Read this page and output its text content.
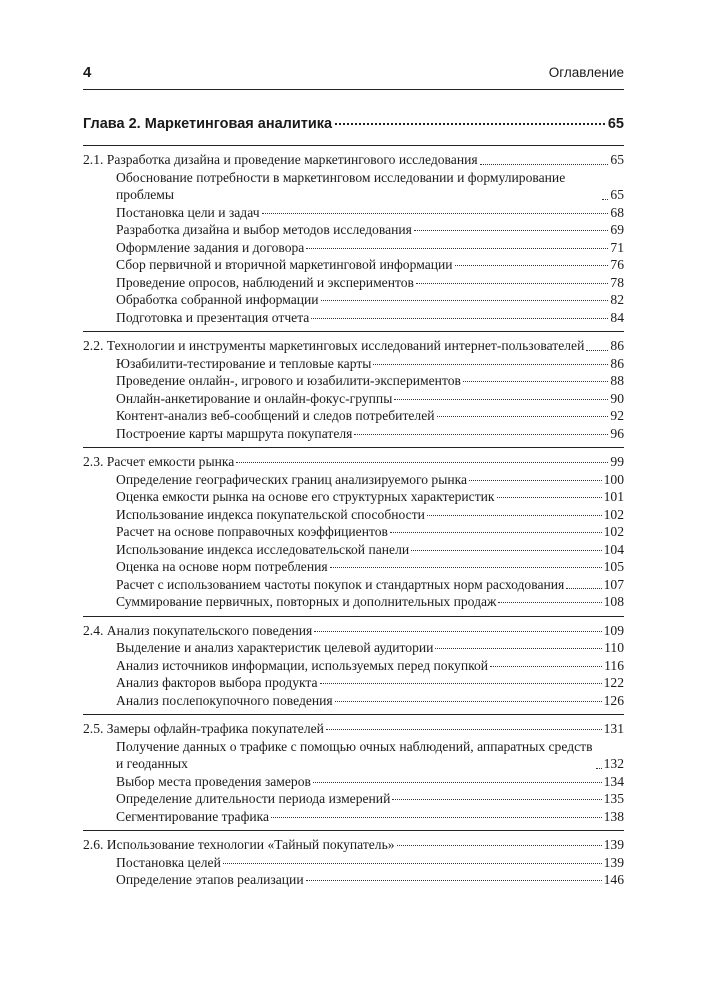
4	Оглавление
Глава 2. Маркетинговая аналитика	65
2.1. Разработка дизайна и проведение маркетингового исследования	65
Обоснование потребности в маркетинговом исследовании и формулирование проблемы	65
Постановка цели и задач	68
Разработка дизайна и выбор методов исследования	69
Оформление задания и договора	71
Сбор первичной и вторичной маркетинговой информации	76
Проведение опросов, наблюдений и экспериментов	78
Обработка собранной информации	82
Подготовка и презентация отчета	84
2.2. Технологии и инструменты маркетинговых исследований интернет-пользователей 86
Юзабилити-тестирование и тепловые карты	86
Проведение онлайн-, игрового и юзабилити-экспериментов	88
Онлайн-анкетирование и онлайн-фокус-группы	90
Контент-анализ веб-сообщений и следов потребителей	92
Построение карты маршрута покупателя	96
2.3. Расчет емкости рынка	99
Определение географических границ анализируемого рынка	100
Оценка емкости рынка на основе его структурных характеристик	101
Использование индекса покупательской способности	102
Расчет на основе поправочных коэффициентов	102
Использование индекса исследовательской панели	104
Оценка на основе норм потребления	105
Расчет с использованием частоты покупок и стандартных норм расходования	107
Суммирование первичных, повторных и дополнительных продаж	108
2.4. Анализ покупательского поведения	109
Выделение и анализ характеристик целевой аудитории	110
Анализ источников информации, используемых перед покупкой	116
Анализ факторов выбора продукта	122
Анализ послепокупочного поведения	126
2.5. Замеры офлайн-трафика покупателей	131
Получение данных о трафике с помощью очных наблюдений, аппаратных средств и геоданных	132
Выбор места проведения замеров	134
Определение длительности периода измерений	135
Сегментирование трафика	138
2.6. Использование технологии «Тайный покупатель»	139
Постановка целей	139
Определение этапов реализации	146
